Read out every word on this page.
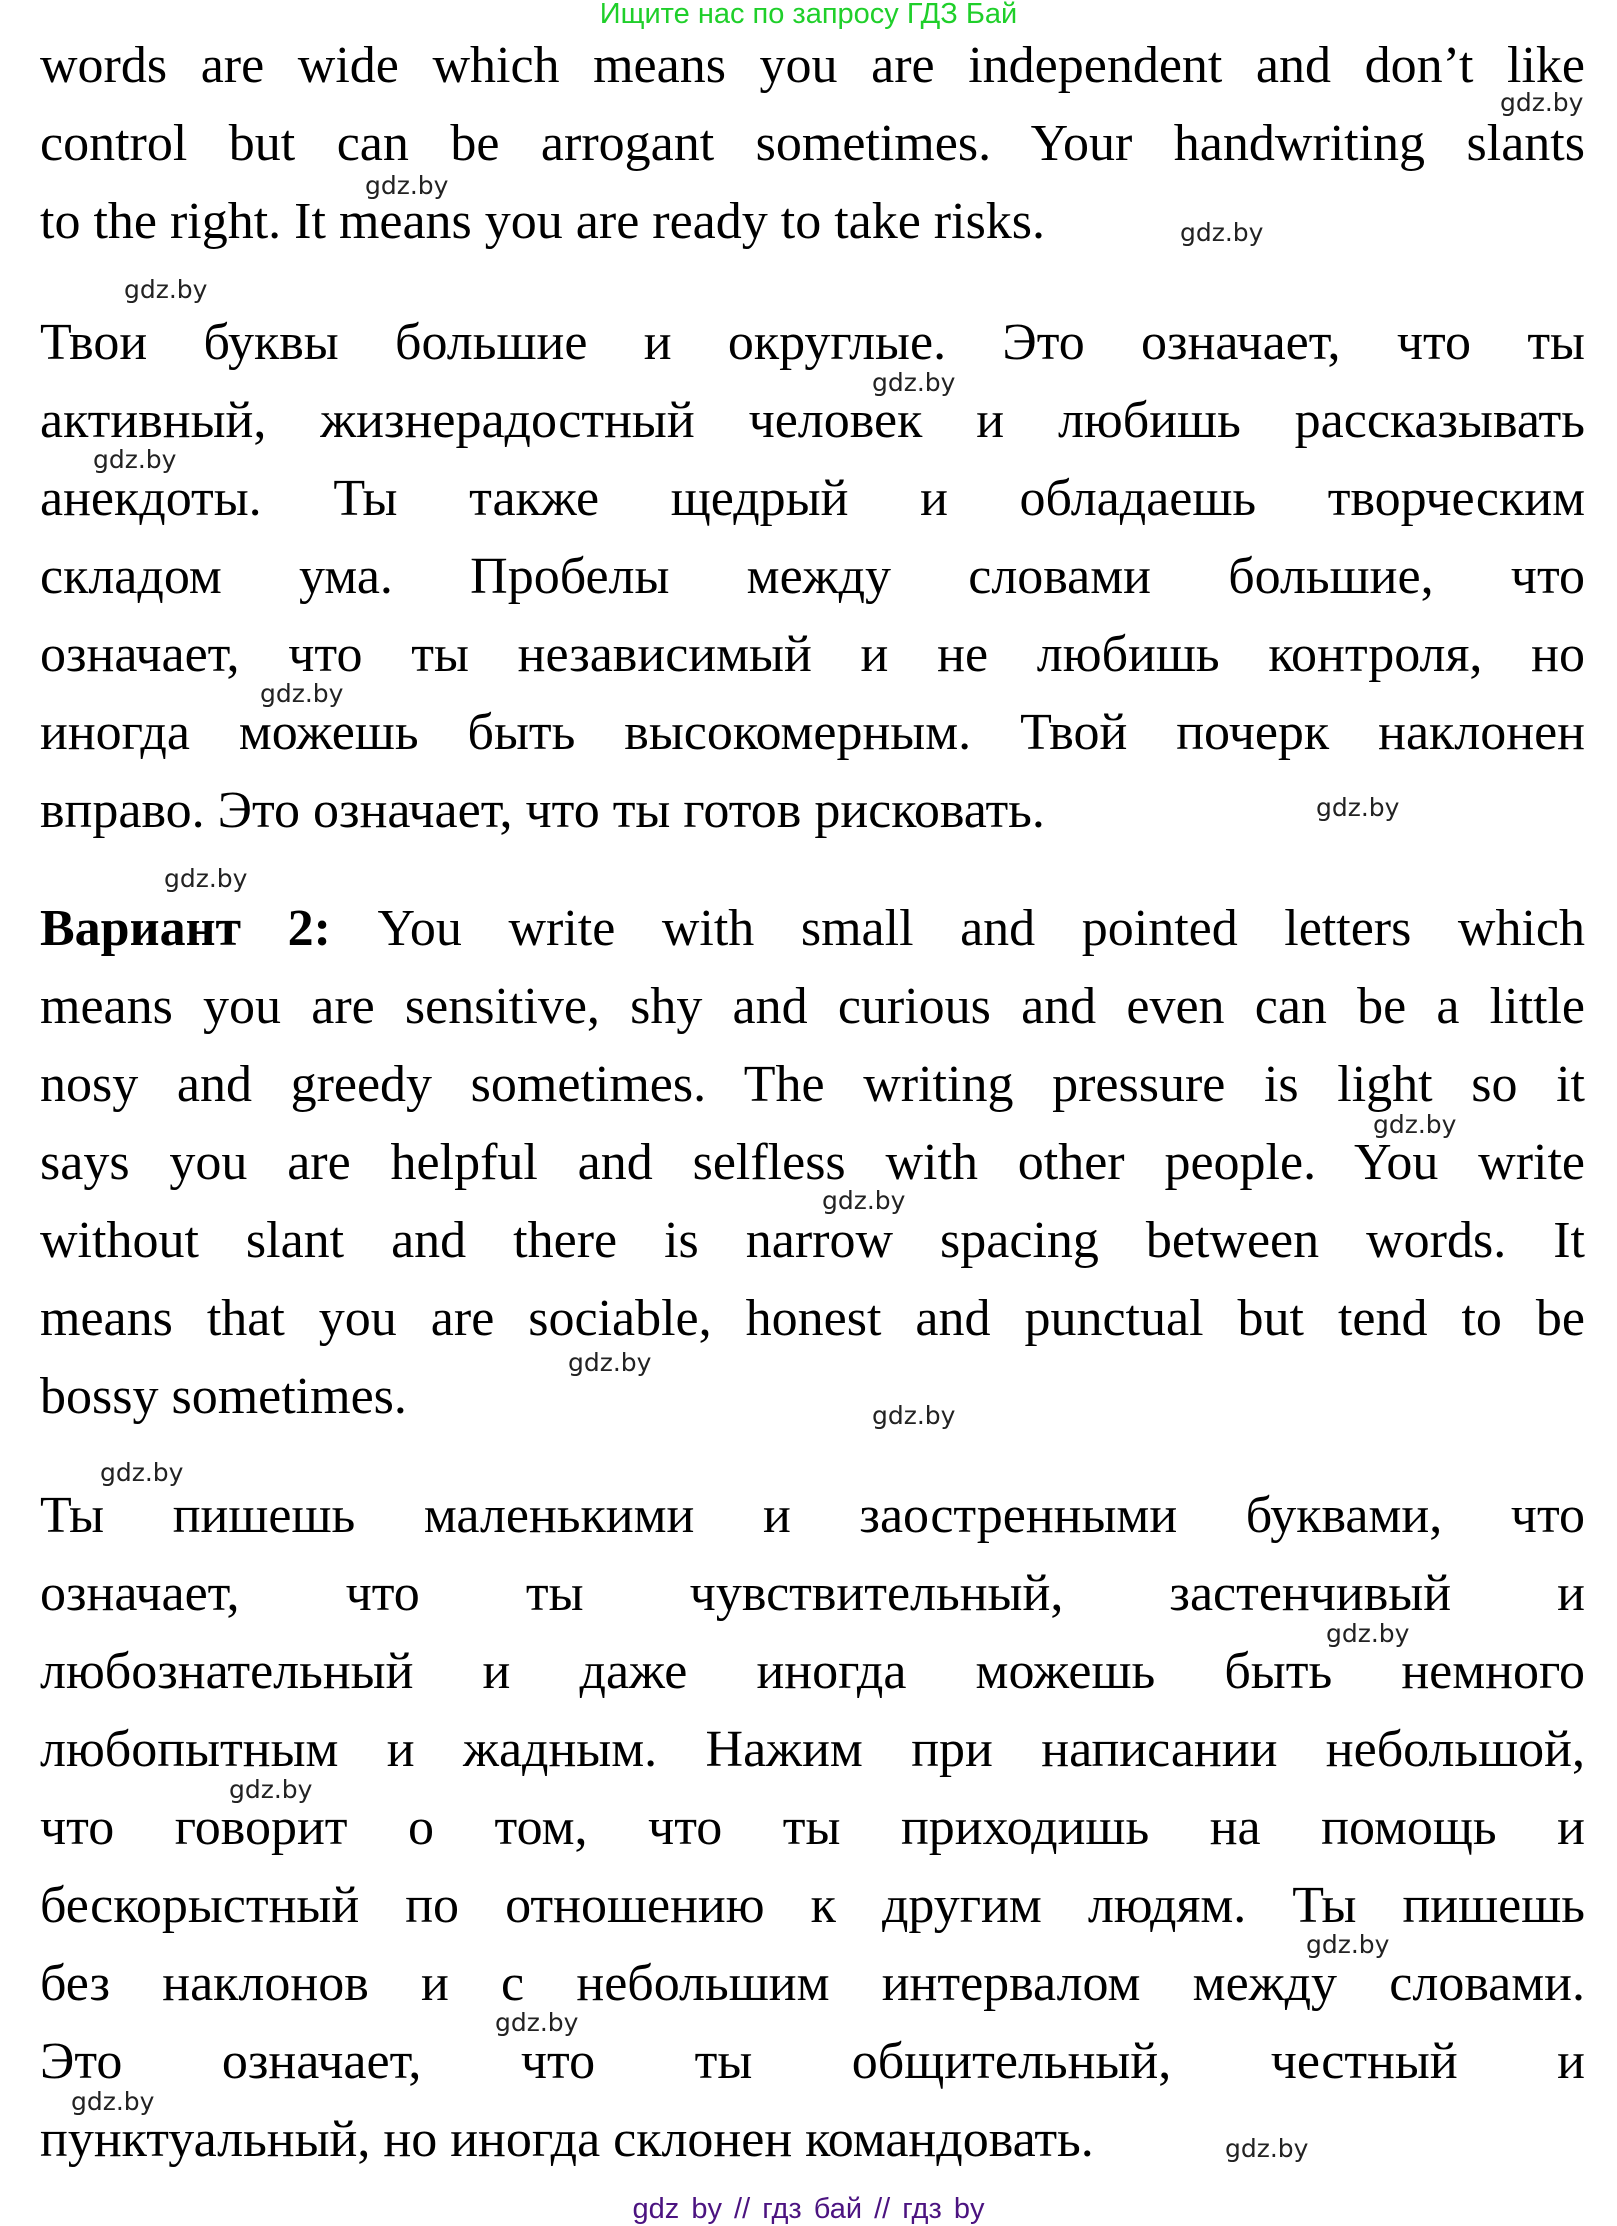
Ищите нас по запросу ГДЗ Бай
words are wide which means you are independent and don’t like
control but can be arrogant sometimes. Your handwriting slants
to the right. It means you are ready to take risks.
Твои буквы большие и округлые. Это означает, что ты
активный, жизнерадостный человек и любишь рассказывать
анекдоты. Ты также щедрый и обладаешь творческим
складом ума. Пробелы между словами большие, что
означает, что ты независимый и не любишь контроля, но
иногда можешь быть высокомерным. Твой почерк наклонен
вправо. Это означает, что ты готов рисковать.
Вариант 2: You write with small and pointed letters which
means you are sensitive, shy and curious and even can be a little
nosy and greedy sometimes. The writing pressure is light so it
says you are helpful and selfless with other people. You write
without slant and there is narrow spacing between words. It
means that you are sociable, honest and punctual but tend to be
bossy sometimes.
Ты пишешь маленькими и заостренными буквами, что
означает, что ты чувствительный, застенчивый и
любознательный и даже иногда можешь быть немного
любопытным и жадным. Нажим при написании небольшой,
что говорит о том, что ты приходишь на помощь и
бескорыстный по отношению к другим людям. Ты пишешь
без наклонов и с небольшим интервалом между словами.
Это означает, что ты общительный, честный и
пунктуальный, но иногда склонен командовать.
gdz.by
gdz.by
gdz.by
gdz.by
gdz.by
gdz.by
gdz.by
gdz.by
gdz.by
gdz.by
gdz.by
gdz.by
gdz.by
gdz.by
gdz.by
gdz.by
gdz.by
gdz.by
gdz.by
gdz.by
gdz by // гдз бай // гдз by
